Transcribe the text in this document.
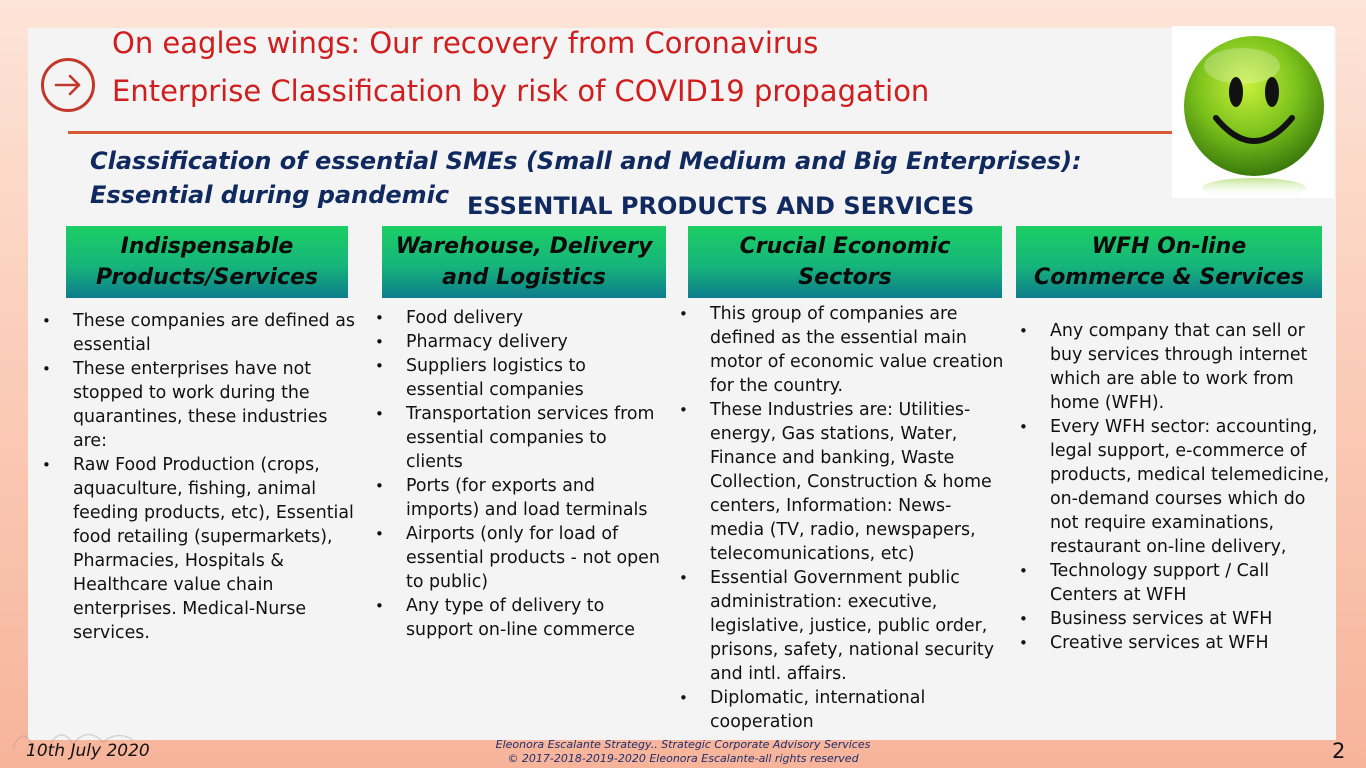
On eagles wings: Our recovery from Coronavirus
Enterprise Classification by risk of COVID19 propagation
Classification of essential SMEs (Small and Medium and Big Enterprises):
Essential during pandemic ESSENTIAL PRODUCTS AND SERVICES
Indispensable
Products/Services
Warehouse, Delivery
and Logistics
Crucial Economic
Sectors
WFH On-line
Commerce & Services
• These companies are defined as essential
• These enterprises have not stopped to work during the quarantines, these industries are:
• Raw Food Production (crops, aquaculture, fishing, animal feeding products, etc), Essential food retailing (supermarkets), Pharmacies, Hospitals & Healthcare value chain enterprises. Medical-Nurse services.
• Food delivery
• Pharmacy delivery
• Suppliers logistics to essential companies
• Transportation services from essential companies to clients
• Ports (for exports and imports) and load terminals
• Airports (only for load of essential products - not open to public)
• Any type of delivery to support on-line commerce
• This group of companies are defined as the essential main motor of economic value creation for the country.
• These Industries are: Utilities-energy, Gas stations, Water, Finance and banking, Waste Collection, Construction & home centers, Information: News-media (TV, radio, newspapers, telecomunications, etc)
• Essential Government public administration: executive, legislative, justice, public order, prisons, safety, national security and intl. affairs.
• Diplomatic, international cooperation
• Any company that can sell or buy services through internet which are able to work from home (WFH).
• Every WFH sector: accounting, legal support, e-commerce of products, medical telemedicine, on-demand courses which do not require examinations, restaurant on-line delivery,
• Technology support / Call Centers at WFH
• Business services at WFH
• Creative services at WFH
10th July 2020	Eleonora Escalante Strategy.. Strategic Corporate Advisory Services
© 2017-2018-2019-2020 Eleonora Escalante-all rights reserved	2
